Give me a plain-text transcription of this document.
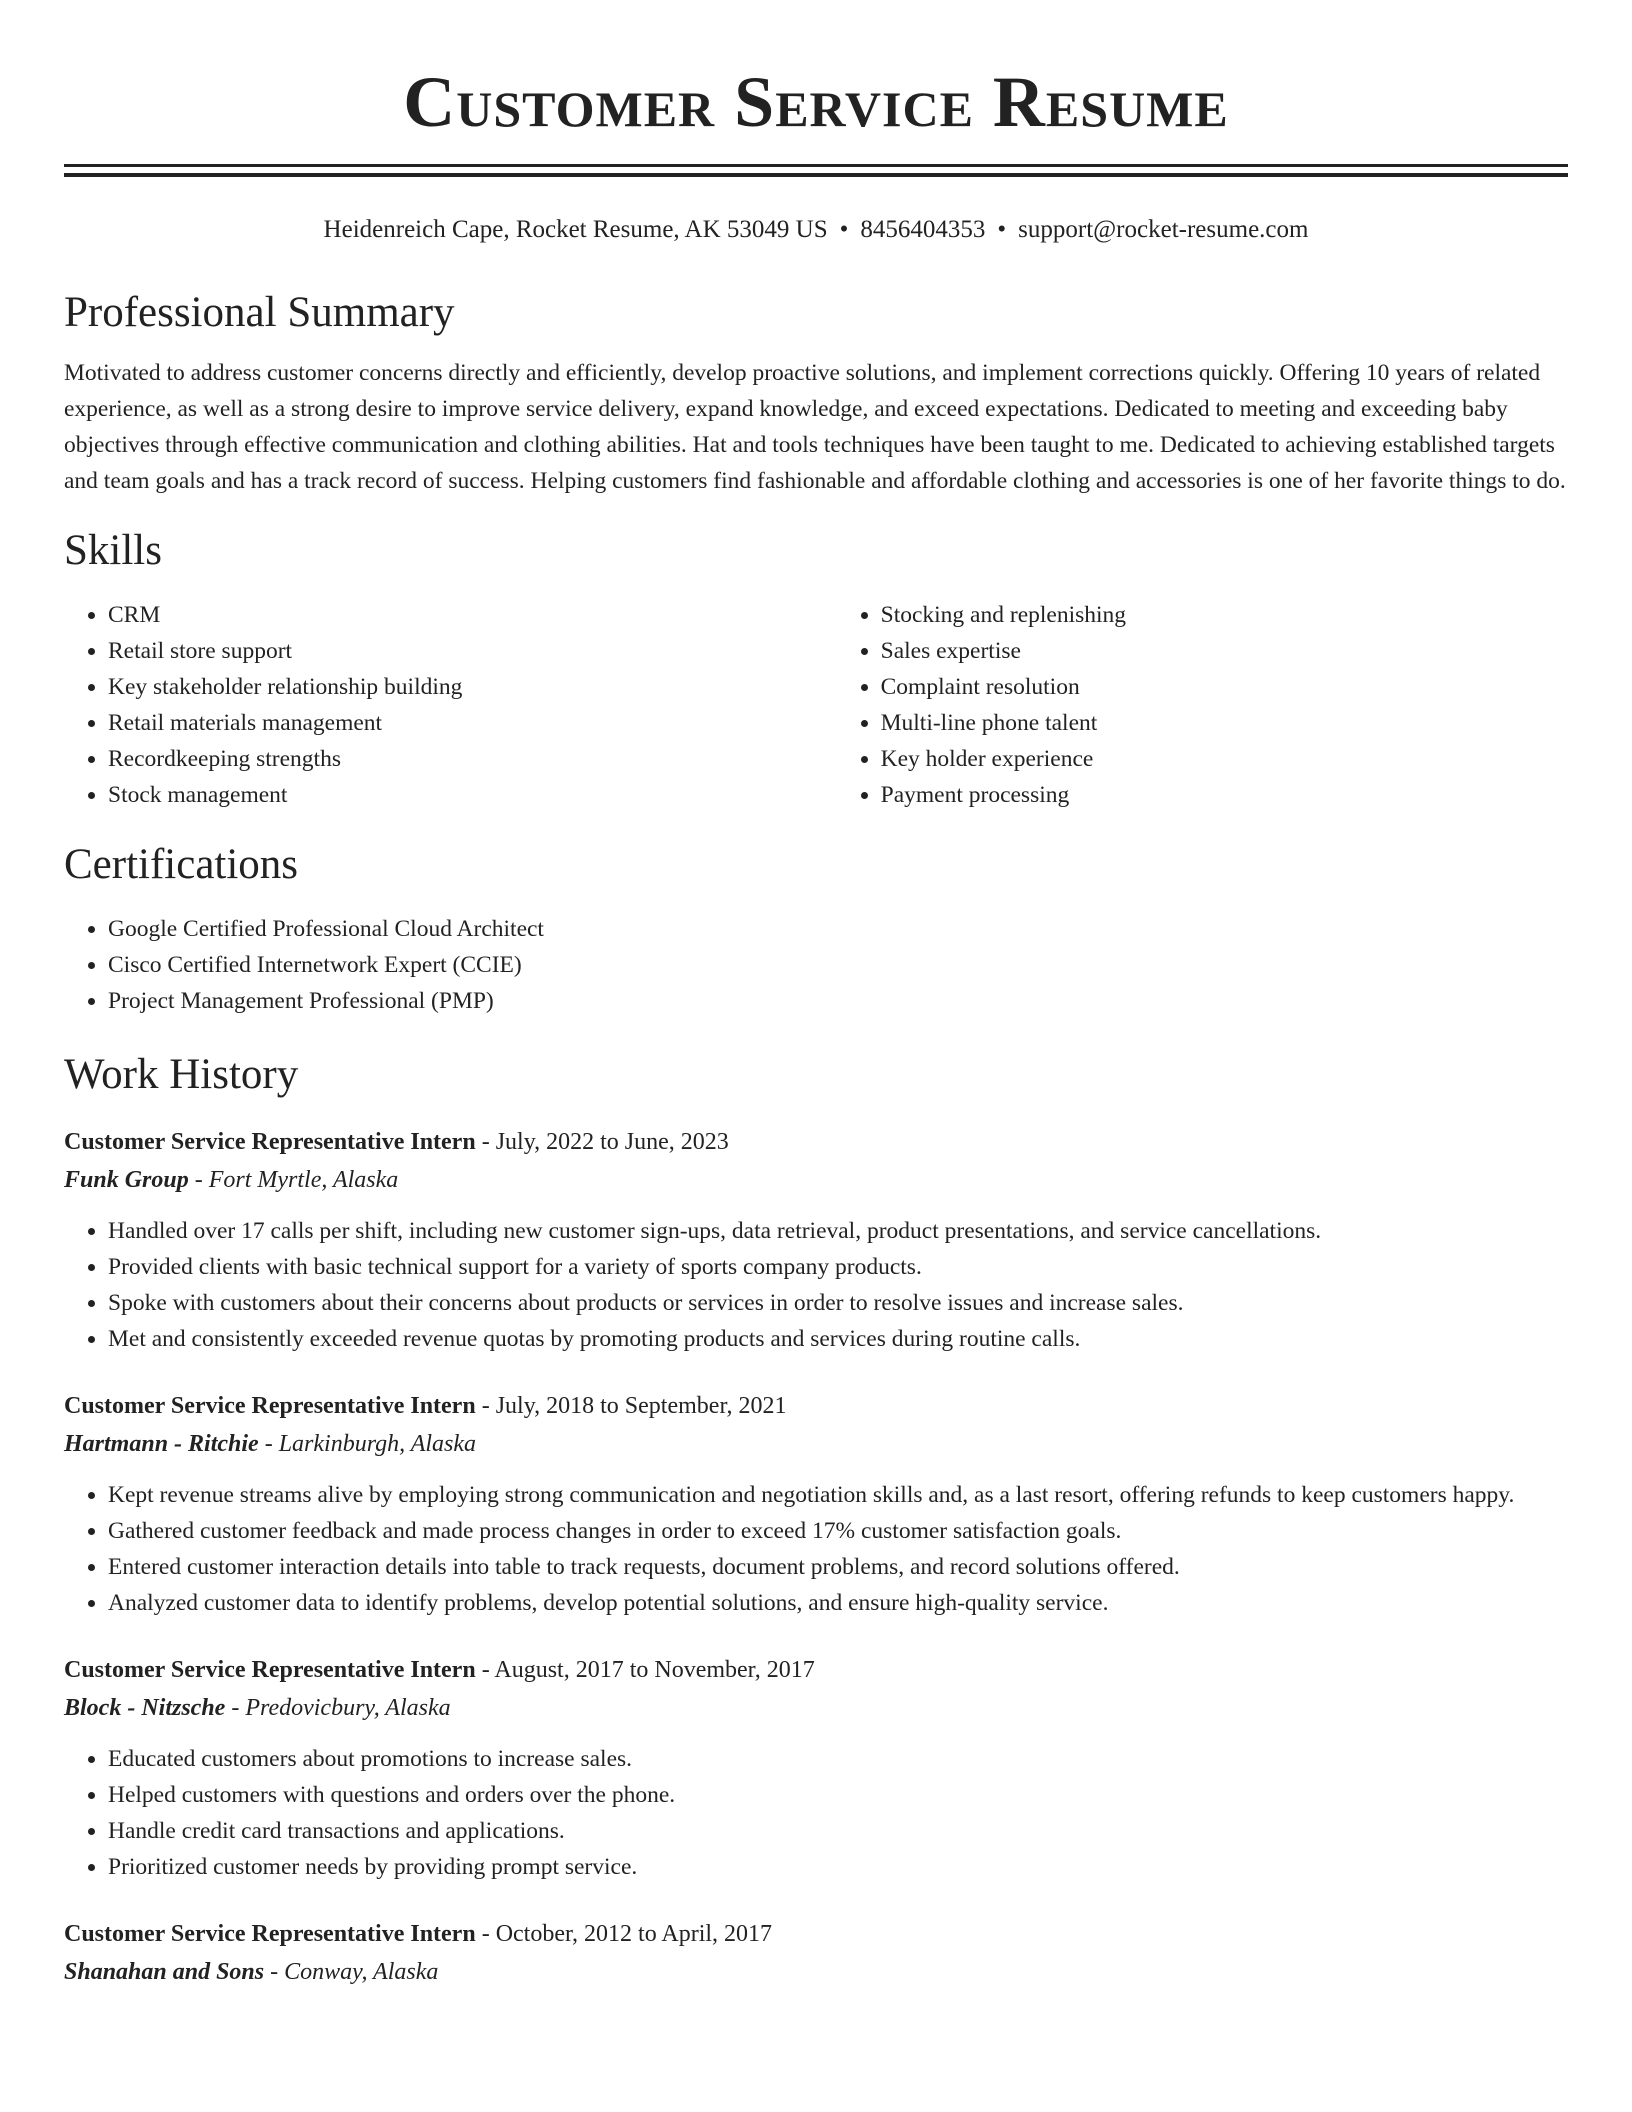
Customer Service Resume
Heidenreich Cape, Rocket Resume, AK 53049 US • 8456404353 • support@rocket-resume.com
Professional Summary

Motivated to address customer concerns directly and efficiently, develop proactive solutions, and implement corrections quickly. Offering 10 years of related experience, as well as a strong desire to improve service delivery, expand knowledge, and exceed expectations. Dedicated to meeting and exceeding baby objectives through effective communication and clothing abilities. Hat and tools techniques have been taught to me. Dedicated to achieving established targets and team goals and has a track record of success. Helping customers find fashionable and affordable clothing and accessories is one of her favorite things to do.

Skills
• CRM
• Retail store support
• Key stakeholder relationship building
• Retail materials management
• Recordkeeping strengths
• Stock management
• Stocking and replenishing
• Sales expertise
• Complaint resolution
• Multi-line phone talent
• Key holder experience
• Payment processing
Certifications
• Google Certified Professional Cloud Architect
• Cisco Certified Internetwork Expert (CCIE)
• Project Management Professional (PMP)
Work History
Customer Service Representative Intern - July, 2022 to June, 2023
Funk Group - Fort Myrtle, Alaska
• Handled over 17 calls per shift, including new customer sign-ups, data retrieval, product presentations, and service cancellations.
• Provided clients with basic technical support for a variety of sports company products.
• Spoke with customers about their concerns about products or services in order to resolve issues and increase sales.
• Met and consistently exceeded revenue quotas by promoting products and services during routine calls.
Customer Service Representative Intern - July, 2018 to September, 2021
Hartmann - Ritchie - Larkinburgh, Alaska
• Kept revenue streams alive by employing strong communication and negotiation skills and, as a last resort, offering refunds to keep customers happy.
• Gathered customer feedback and made process changes in order to exceed 17% customer satisfaction goals.
• Entered customer interaction details into table to track requests, document problems, and record solutions offered.
• Analyzed customer data to identify problems, develop potential solutions, and ensure high-quality service.
Customer Service Representative Intern - August, 2017 to November, 2017
Block - Nitzsche - Predovicbury, Alaska
• Educated customers about promotions to increase sales.
• Helped customers with questions and orders over the phone.
• Handle credit card transactions and applications.
• Prioritized customer needs by providing prompt service.
Customer Service Representative Intern - October, 2012 to April, 2017
Shanahan and Sons - Conway, Alaska
